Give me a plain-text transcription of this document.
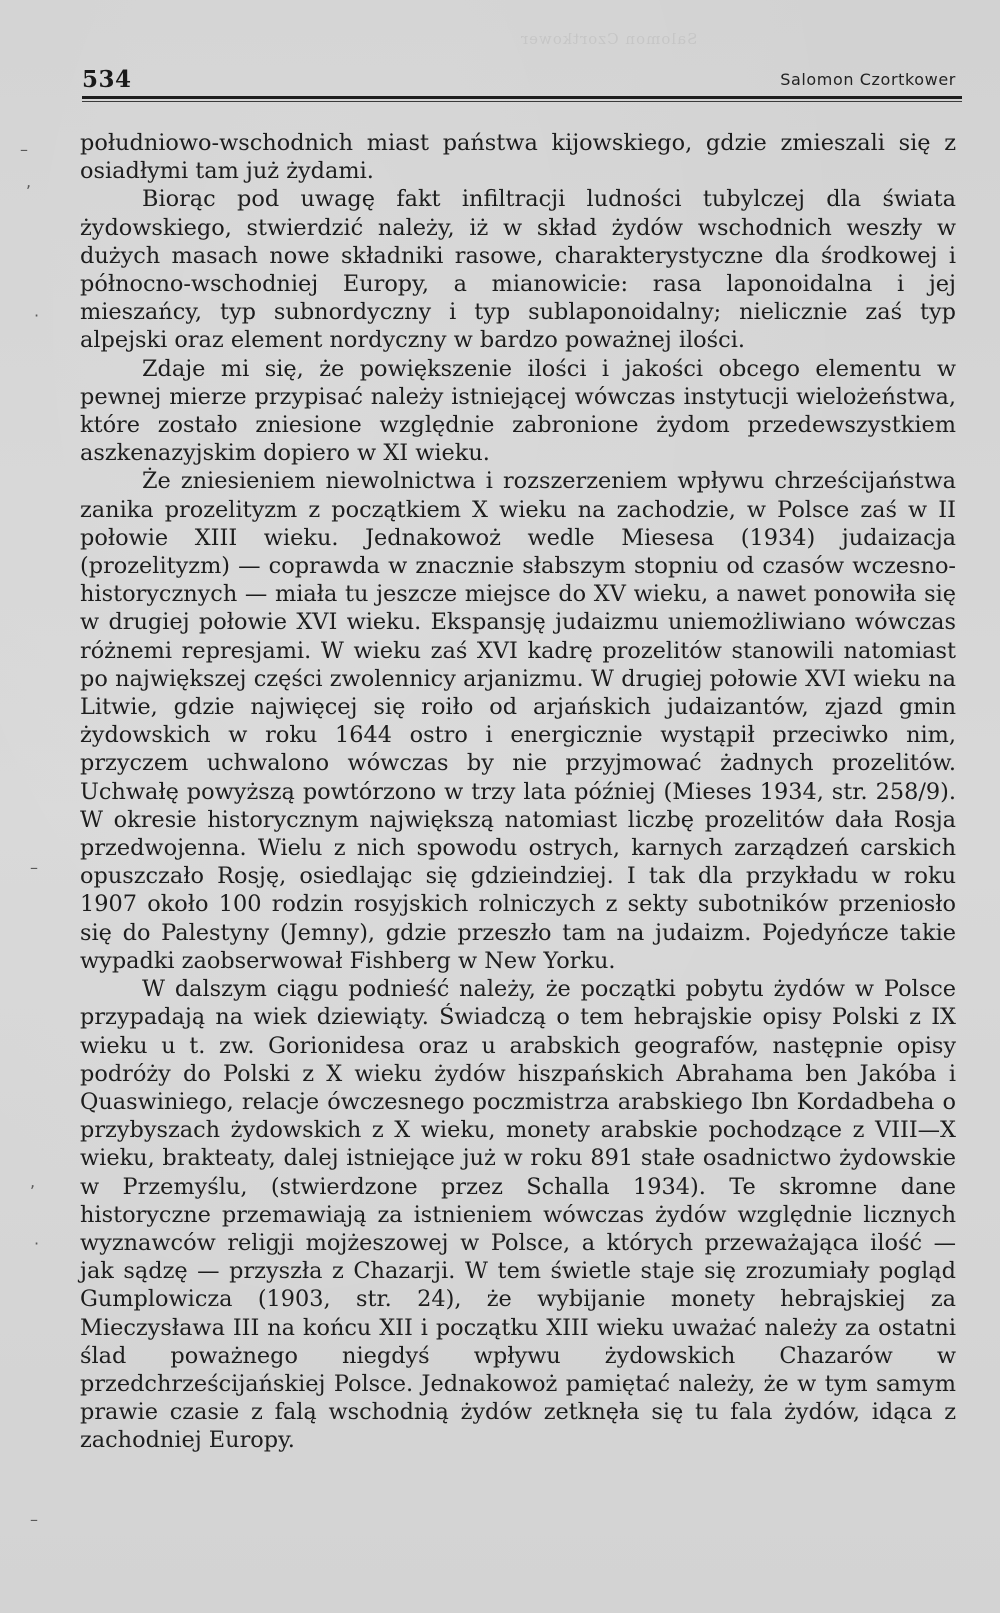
Salomon Czortkower
534	Salomon Czortkower
–
,
·
–
,
·
–

południowo-wschodnich miast państwa kijowskiego, gdzie zmieszali się z osiadłymi tam już żydami.

Biorąc pod uwagę fakt infiltracji ludności tubylczej dla świata żydowskiego, stwierdzić należy, iż w skład żydów wschodnich weszły w dużych masach nowe składniki rasowe, charakterystyczne dla środkowej i północno-wschodniej Europy, a mianowicie: rasa laponoidalna i jej mieszańcy, typ subnordyczny i typ sublaponoidalny; nielicznie zaś typ alpejski oraz element nordyczny w bardzo poważnej ilości.

Zdaje mi się, że powiększenie ilości i jakości obcego elementu w pewnej mierze przypisać należy istniejącej wówczas instytucji wielożeństwa, które zostało zniesione względnie zabronione żydom przedewszystkiem aszkenazyjskim dopiero w XI wieku.

Że zniesieniem niewolnictwa i rozszerzeniem wpływu chrześcijaństwa zanika prozelityzm z początkiem X wieku na zachodzie, w Polsce zaś w II połowie XIII wieku. Jednakowoż wedle Miesesa (1934) judaizacja (prozelityzm) — coprawda w znacznie słabszym stopniu od czasów wczesno-historycznych — miała tu jeszcze miejsce do XV wieku, a nawet ponowiła się w drugiej połowie XVI wieku. Ekspansję judaizmu uniemożliwiano wówczas różnemi represjami. W wieku zaś XVI kadrę prozelitów stanowili natomiast po największej części zwolennicy arjanizmu. W drugiej połowie XVI wieku na Litwie, gdzie najwięcej się roiło od arjańskich judaizantów, zjazd gmin żydowskich w roku 1644 ostro i energicznie wystąpił przeciwko nim, przyczem uchwalono wówczas by nie przyjmować żadnych prozelitów. Uchwałę powyższą powtórzono w trzy lata później (Mieses 1934, str. 258/9). W okresie historycznym największą natomiast liczbę prozelitów dała Rosja przedwojenna. Wielu z nich spowodu ostrych, karnych zarządzeń carskich opuszczało Rosję, osiedlając się gdzieindziej. I tak dla przykładu w roku 1907 około 100 rodzin rosyjskich rolniczych z sekty subotników przeniosło się do Palestyny (Jemny), gdzie przeszło tam na judaizm. Pojedyńcze takie wypadki zaobserwował Fishberg w New Yorku.

W dalszym ciągu podnieść należy, że początki pobytu żydów w Polsce przypadają na wiek dziewiąty. Świadczą o tem hebrajskie opisy Polski z IX wieku u t. zw. Gorionidesa oraz u arabskich geografów, następnie opisy podróży do Polski z X wieku żydów hiszpańskich Abrahama ben Jakóba i Quaswiniego, relacje ówczesnego poczmistrza arabskiego Ibn Kordadbeha o przybyszach żydowskich z X wieku, monety arabskie pochodzące z VIII—X wieku, brakteaty, dalej istniejące już w roku 891 stałe osadnictwo żydowskie w Przemyślu, (stwierdzone przez Schalla 1934). Te skromne dane historyczne przemawiają za istnieniem wówczas żydów względnie licznych wyznawców religji mojżeszowej w Polsce, a których przeważająca ilość — jak sądzę — przyszła z Chazarji. W tem świetle staje się zrozumiały pogląd Gumplowicza (1903, str. 24), że wybijanie monety hebrajskiej za Mieczysława III na końcu XII i początku XIII wieku uważać należy za ostatni ślad poważnego niegdyś wpływu żydowskich Chazarów w przedchrześcijańskiej Polsce. Jednakowoż pamiętać należy, że w tym samym prawie czasie z falą wschodnią żydów zetknęła się tu fala żydów, idąca z zachodniej Europy.
